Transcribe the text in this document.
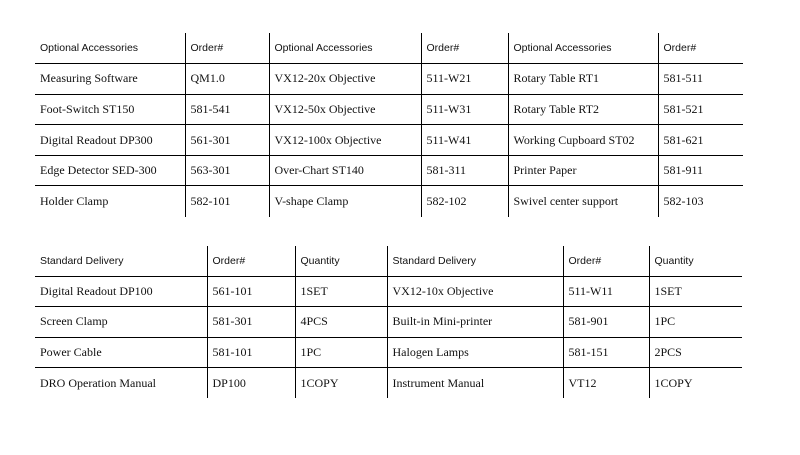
Optional Accessories	Order#	Optional Accessories	Order#	Optional Accessories	Order#
Measuring Software	QM1.0	VX12-20x Objective	511-W21	Rotary Table RT1	581-511
Foot-Switch ST150	581-541	VX12-50x Objective	511-W31	Rotary Table RT2	581-521
Digital Readout DP300	561-301	VX12-100x Objective	511-W41	Working Cupboard ST02	581-621
Edge Detector SED-300	563-301	Over-Chart ST140	581-311	Printer Paper	581-911
Holder Clamp	582-101	V-shape Clamp	582-102	Swivel center support	582-103
Standard Delivery	Order#	Quantity	Standard Delivery	Order#	Quantity
Digital Readout DP100	561-101	1SET	VX12-10x Objective	511-W11	1SET
Screen Clamp	581-301	4PCS	Built-in Mini-printer	581-901	1PC
Power Cable	581-101	1PC	Halogen Lamps	581-151	2PCS
DRO Operation Manual	DP100	1COPY	Instrument Manual	VT12	1COPY
